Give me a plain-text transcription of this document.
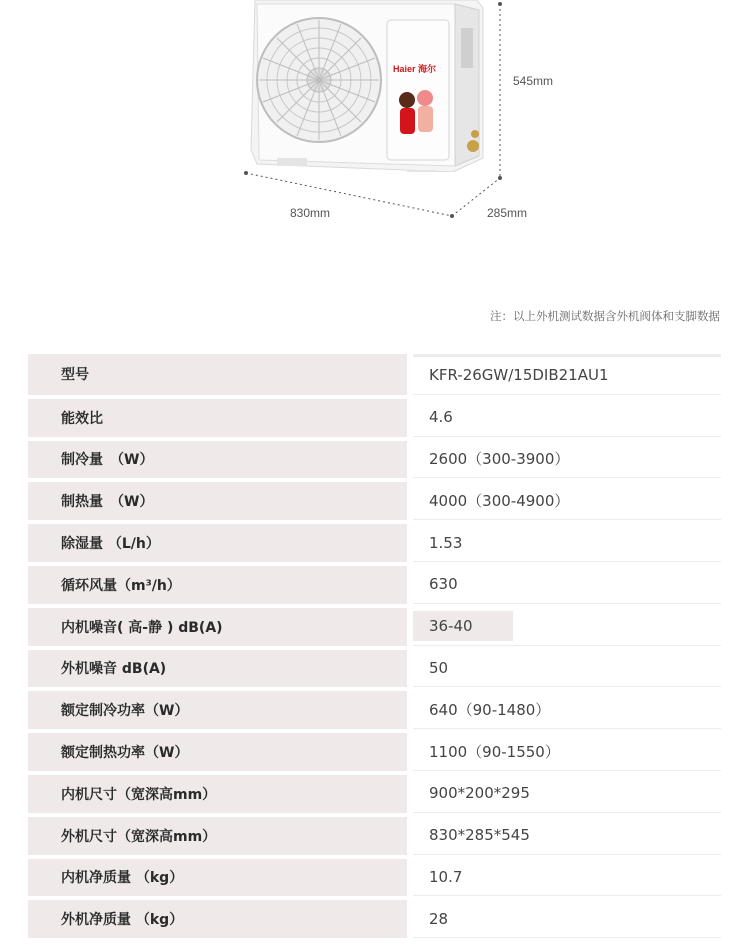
Haier 海尔
545mm
830mm	285mm
注：以上外机测试数据含外机阀体和支脚数据
型号		KFR-26GW/15DIB21AU1
能效比		4.6
制冷量　（W）		2600（300-3900）
制热量　（W）		4000（300-4900）
除湿量 （L/h）		1.53
循环风量（m³/h）		630
内机噪音( 高-静 ) dB(A)		36-40
外机噪音 dB(A)		50
额定制冷功率（W）		640（90-1480）
额定制热功率（W）		1100（90-1550）
内机尺寸（宽深高mm）		900*200*295
外机尺寸（宽深高mm）		830*285*545
内机净质量 （kg）		10.7
外机净质量 （kg）		28
